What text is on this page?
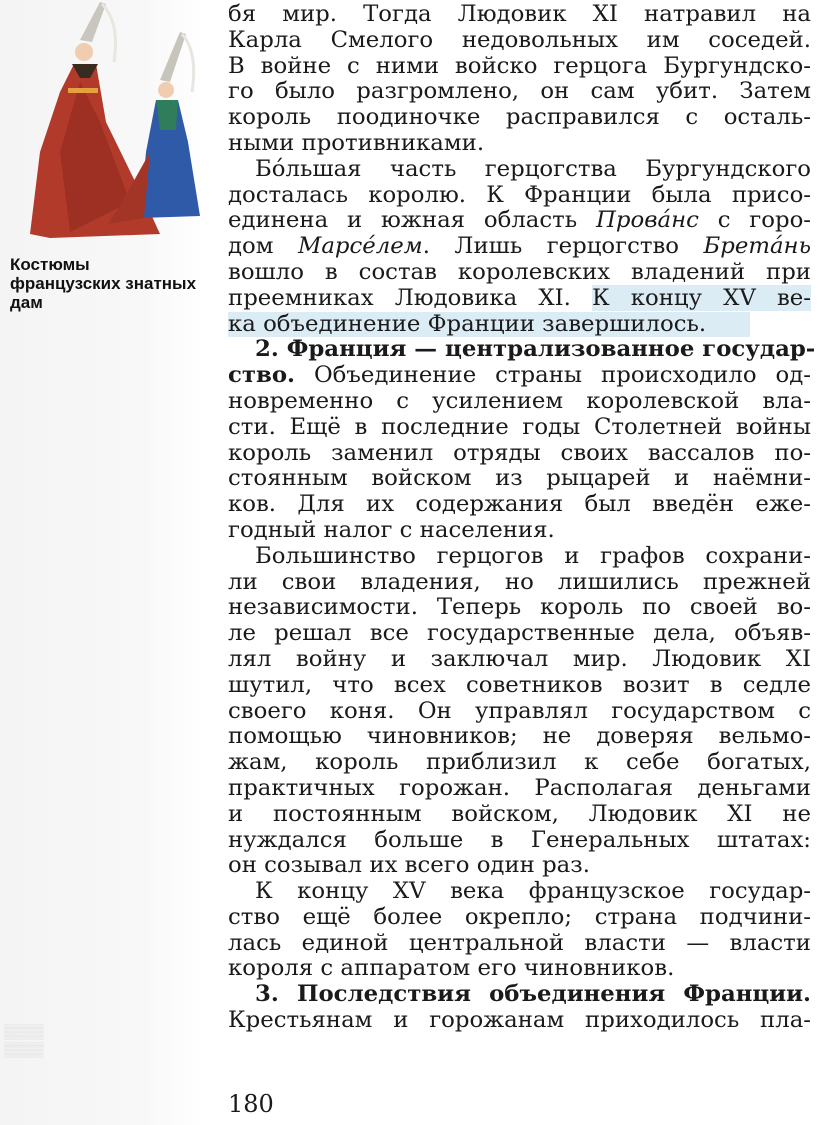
Костюмы французских знатных дам
▒▒▒▒
▒▒▒▒
бя мир. Тогда Людовик XI натравил на
Карла Смелого недовольных им соседей.
В войне с ними войско герцога Бургундско-
го было разгромлено, он сам убит. Затем
король поодиночке расправился с осталь-
ными противниками.
Бо́льшая часть герцогства Бургундского
досталась королю. К Франции была присо-
единена и южная область Прова́нс с горо-
дом Марсе́лем. Лишь герцогство Брета́нь
вошло в состав королевских владений при
преемниках Людовика XI. К концу XV ве-
ка объединение Франции завершилось.
2. Франция — централизованное государ-
ство. Объединение страны происходило од-
новременно с усилением королевской вла-
сти. Ещё в последние годы Столетней войны
король заменил отряды своих вассалов по-
стоянным войском из рыцарей и наёмни-
ков. Для их содержания был введён еже-
годный налог с населения.
Большинство герцогов и графов сохрани-
ли свои владения, но лишились прежней
независимости. Теперь король по своей во-
ле решал все государственные дела, объяв-
лял войну и заключал мир. Людовик XI
шутил, что всех советников возит в седле
своего коня. Он управлял государством с
помощью чиновников; не доверяя вельмо-
жам, король приблизил к себе богатых,
практичных горожан. Располагая деньгами
и постоянным войском, Людовик XI не
нуждался больше в Генеральных штатах:
он созывал их всего один раз.
К концу XV века французское государ-
ство ещё более окрепло; страна подчини-
лась единой центральной власти — власти
короля с аппаратом его чиновников.
3. Последствия объединения Франции.
Крестьянам и горожанам приходилось пла-
180
